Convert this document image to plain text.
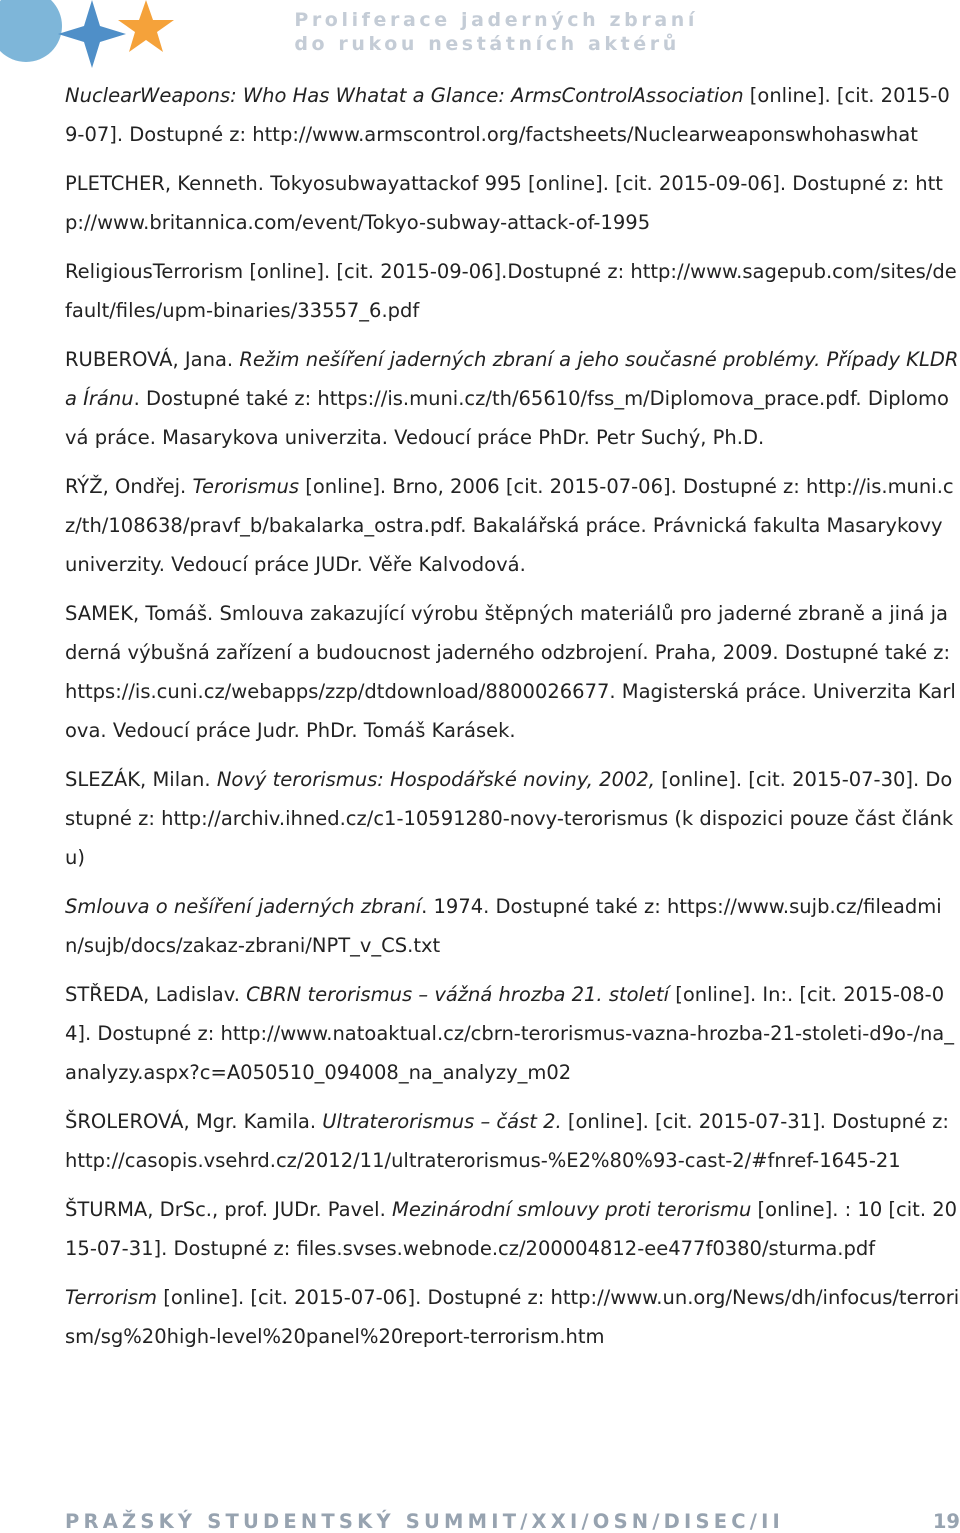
Proliferace jaderných zbraní
do rukou nestátních aktérů

NuclearWeapons: Who Has Whatat a Glance: ArmsControlAssociation [online]. [cit. 2015-09-07]. Dostupné z: http://www.armscontrol.org/factsheets/Nuclearweaponswhohaswhat

PLETCHER, Kenneth. Tokyosubwayattackof 995 [online]. [cit. 2015-09-06]. Dostupné z: http://www.britannica.com/event/Tokyo-subway-attack-of-1995

ReligiousTerrorism [online]. [cit. 2015-09-06].Dostupné z: http://www.sagepub.com/sites/default/files/upm-binaries/33557_6.pdf

RUBEROVÁ, Jana. Režim nešíření jaderných zbraní a jeho současné problémy. Případy KLDR a Íránu. Dostupné také z: https://is.muni.cz/th/65610/fss_m/Diplomova_prace.pdf. Diplomová práce. Masarykova univerzita. Vedoucí práce PhDr. Petr Suchý, Ph.D.

RÝŽ, Ondřej. Terorismus [online]. Brno, 2006 [cit. 2015-07-06]. Dostupné z: http://is.muni.cz/th/108638/pravf_b/bakalarka_ostra.pdf. Bakalářská práce. Právnická fakulta Masarykovy univerzity. Vedoucí práce JUDr. Věře Kalvodová.

SAMEK, Tomáš. Smlouva zakazující výrobu štěpných materiálů pro jaderné zbraně a jiná jaderná výbušná zařízení a budoucnost jaderného odzbrojení. Praha, 2009. Dostupné také z: https://is.cuni.cz/webapps/zzp/dtdownload/8800026677. Magisterská práce. Univerzita Karlova. Vedoucí práce Judr. PhDr. Tomáš Karásek.

SLEZÁK, Milan. Nový terorismus: Hospodářské noviny, 2002, [online]. [cit. 2015-07-30]. Dostupné z: http://archiv.ihned.cz/c1-10591280-novy-terorismus (k dispozici pouze část článku)

Smlouva o nešíření jaderných zbraní. 1974. Dostupné také z: https://www.sujb.cz/fileadmin/sujb/docs/zakaz-zbrani/NPT_v_CS.txt

STŘEDA, Ladislav. CBRN terorismus – vážná hrozba 21. století [online]. In:. [cit. 2015-08-04]. Dostupné z: http://www.natoaktual.cz/cbrn-terorismus-vazna-hrozba-21-stoleti-d9o-/na_analyzy.aspx?c=A050510_094008_na_analyzy_m02

ŠROLEROVÁ, Mgr. Kamila. Ultraterorismus – část 2. [online]. [cit. 2015-07-31]. Dostupné z: http://casopis.vsehrd.cz/2012/11/ultraterorismus-%E2%80%93-cast-2/#fnref-1645-21

ŠTURMA, DrSc., prof. JUDr. Pavel. Mezinárodní smlouvy proti terorismu [online]. : 10 [cit. 2015-07-31]. Dostupné z: files.svses.webnode.cz/200004812-ee477f0380/sturma.pdf

Terrorism [online]. [cit. 2015-07-06]. Dostupné z: http://www.un.org/News/dh/infocus/terrorism/sg%20high-level%20panel%20report-terrorism.htm

PRAŽSKÝ STUDENTSKÝ SUMMIT/XXI/OSN/DISEC/II	19
